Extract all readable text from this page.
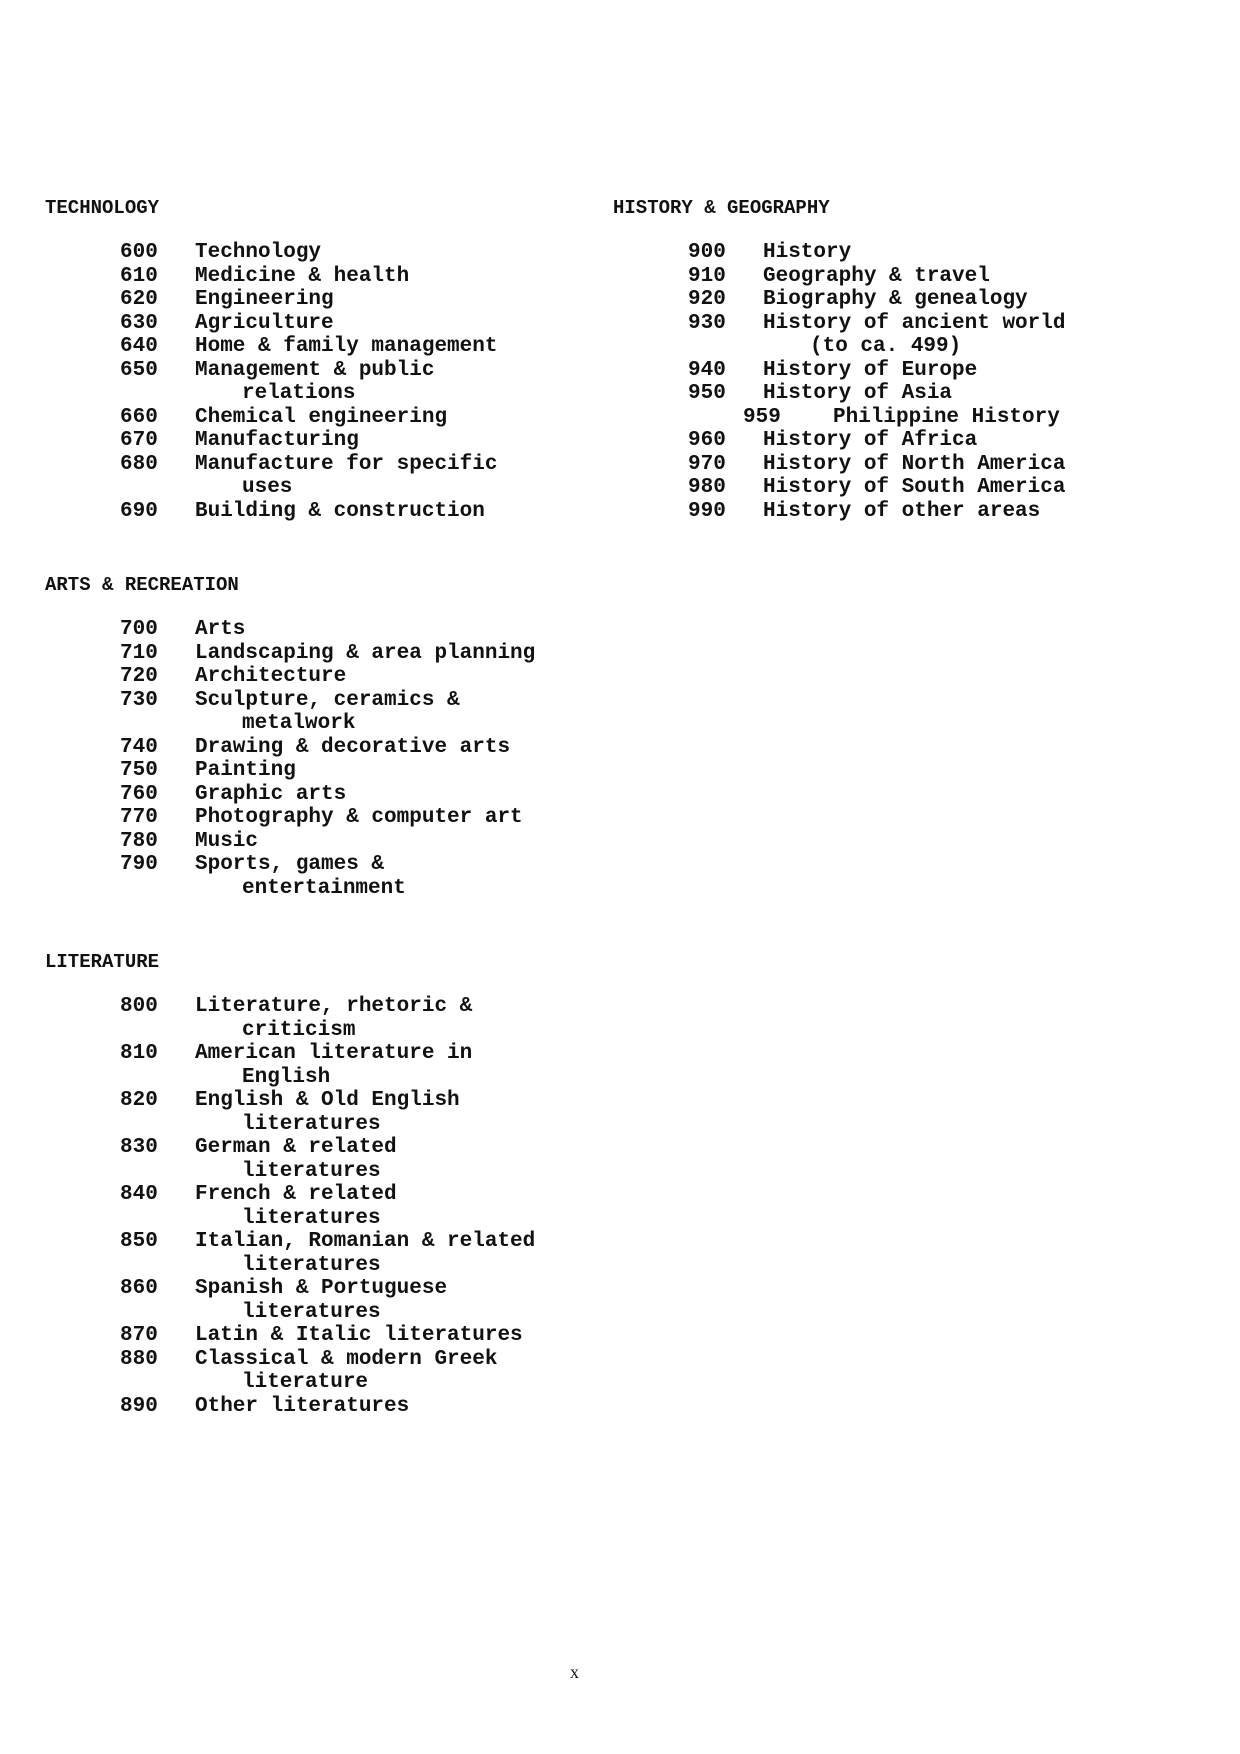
TECHNOLOGY
600	Technology
610	Medicine & health
620	Engineering
630	Agriculture
640	Home & family management
650	Management & public
relations
660	Chemical engineering
670	Manufacturing
680	Manufacture for specific
uses
690	Building & construction
HISTORY & GEOGRAPHY
900	History
910	Geography & travel
920	Biography & genealogy
930	History of ancient world
(to ca. 499)
940	History of Europe
950	History of Asia
959	Philippine History
960	History of Africa
970	History of North America
980	History of South America
990	History of other areas
ARTS & RECREATION
700	Arts
710	Landscaping & area planning
720	Architecture
730	Sculpture, ceramics &
metalwork
740	Drawing & decorative arts
750	Painting
760	Graphic arts
770	Photography & computer art
780	Music
790	Sports, games &
entertainment
LITERATURE
800	Literature, rhetoric &
criticism
810	American literature in
English
820	English & Old English
literatures
830	German & related
literatures
840	French & related
literatures
850	Italian, Romanian & related
literatures
860	Spanish & Portuguese
literatures
870	Latin & Italic literatures
880	Classical & modern Greek
literature
890	Other literatures
x
